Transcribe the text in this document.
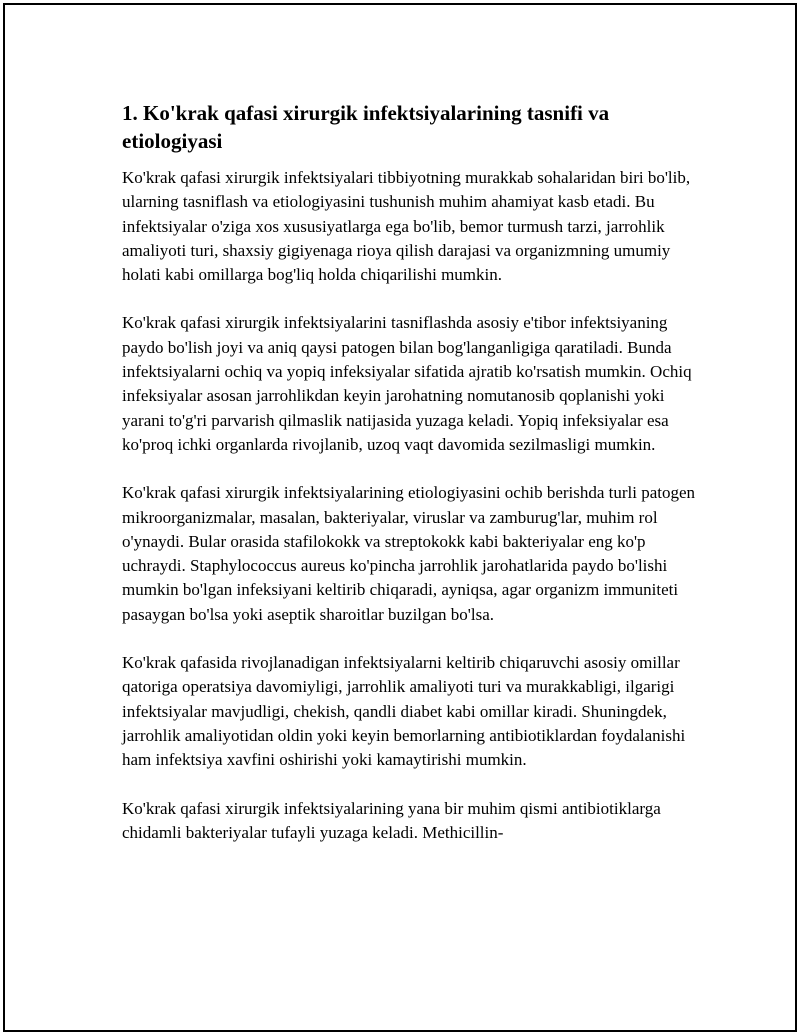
1. Ko'krak qafasi xirurgik infektsiyalarining tasnifi va etiologiyasi

Ko'krak qafasi xirurgik infektsiyalari tibbiyotning murakkab sohalaridan biri bo'lib, ularning tasniflash va etiologiyasini tushunish muhim ahamiyat kasb etadi. Bu infektsiyalar o'ziga xos xususiyatlarga ega bo'lib, bemor turmush tarzi, jarrohlik amaliyoti turi, shaxsiy gigiyenaga rioya qilish darajasi va organizmning umumiy holati kabi omillarga bog'liq holda chiqarilishi mumkin.

Ko'krak qafasi xirurgik infektsiyalarini tasniflashda asosiy e'tibor infektsiyaning paydo bo'lish joyi va aniq qaysi patogen bilan bog'langanligiga qaratiladi. Bunda infektsiyalarni ochiq va yopiq infeksiyalar sifatida ajratib ko'rsatish mumkin. Ochiq infeksiyalar asosan jarrohlikdan keyin jarohatning nomutanosib qoplanishi yoki yarani to'g'ri parvarish qilmaslik natijasida yuzaga keladi. Yopiq infeksiyalar esa ko'proq ichki organlarda rivojlanib, uzoq vaqt davomida sezilmasligi mumkin.

Ko'krak qafasi xirurgik infektsiyalarining etiologiyasini ochib berishda turli patogen mikroorganizmalar, masalan, bakteriyalar, viruslar va zamburug'lar, muhim rol o'ynaydi. Bular orasida stafilokokk va streptokokk kabi bakteriyalar eng ko'p uchraydi. Staphylococcus aureus ko'pincha jarrohlik jarohatlarida paydo bo'lishi mumkin bo'lgan infeksiyani keltirib chiqaradi, ayniqsa, agar organizm immuniteti pasaygan bo'lsa yoki aseptik sharoitlar buzilgan bo'lsa.

Ko'krak qafasida rivojlanadigan infektsiyalarni keltirib chiqaruvchi asosiy omillar qatoriga operatsiya davomiyligi, jarrohlik amaliyoti turi va murakkabligi, ilgarigi infektsiyalar mavjudligi, chekish, qandli diabet kabi omillar kiradi. Shuningdek, jarrohlik amaliyotidan oldin yoki keyin bemorlarning antibiotiklardan foydalanishi ham infektsiya xavfini oshirishi yoki kamaytirishi mumkin.

Ko'krak qafasi xirurgik infektsiyalarining yana bir muhim qismi antibiotiklarga chidamli bakteriyalar tufayli yuzaga keladi. Methicillin-
